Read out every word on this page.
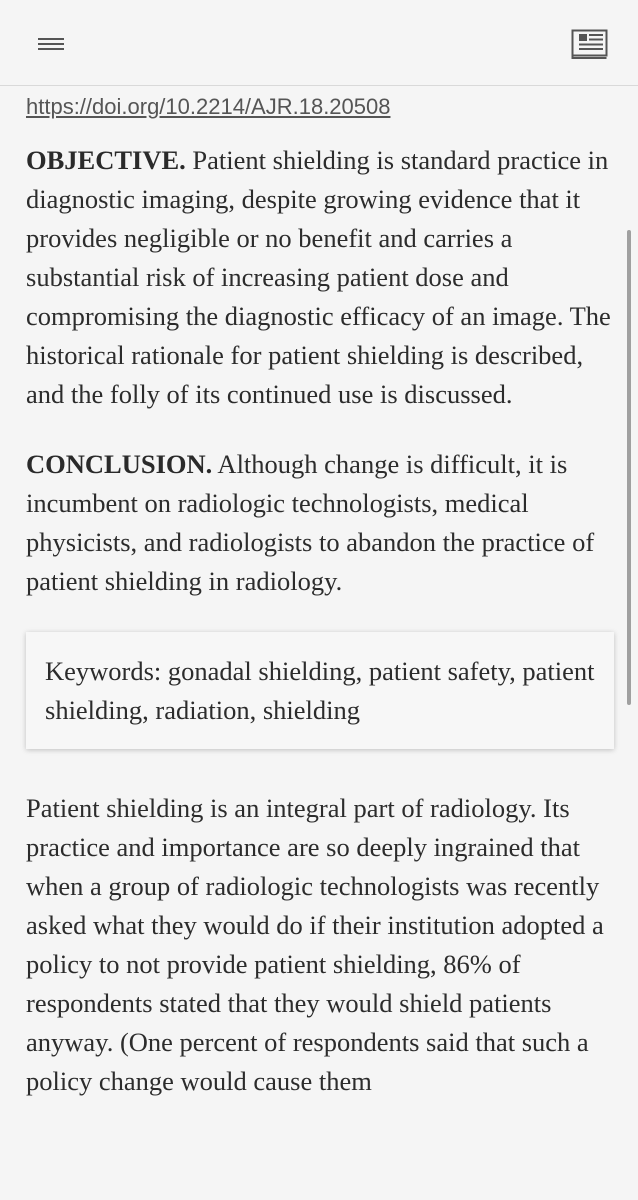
https://doi.org/10.2214/AJR.18.20508

OBJECTIVE. Patient shielding is standard practice in diagnostic imaging, despite growing evidence that it provides negligible or no benefit and carries a substantial risk of increasing patient dose and compromising the diagnostic efficacy of an image. The historical rationale for patient shielding is described, and the folly of its continued use is discussed.

CONCLUSION. Although change is difficult, it is incumbent on radiologic technologists, medical physicists, and radiologists to abandon the practice of patient shielding in radiology.

Keywords: gonadal shielding, patient safety, patient shielding, radiation, shielding

Patient shielding is an integral part of radiology. Its practice and importance are so deeply ingrained that when a group of radiologic technologists was recently asked what they would do if their institution adopted a policy to not provide patient shielding, 86% of respondents stated that they would shield patients anyway. (One percent of respondents said that such a policy change would cause them
